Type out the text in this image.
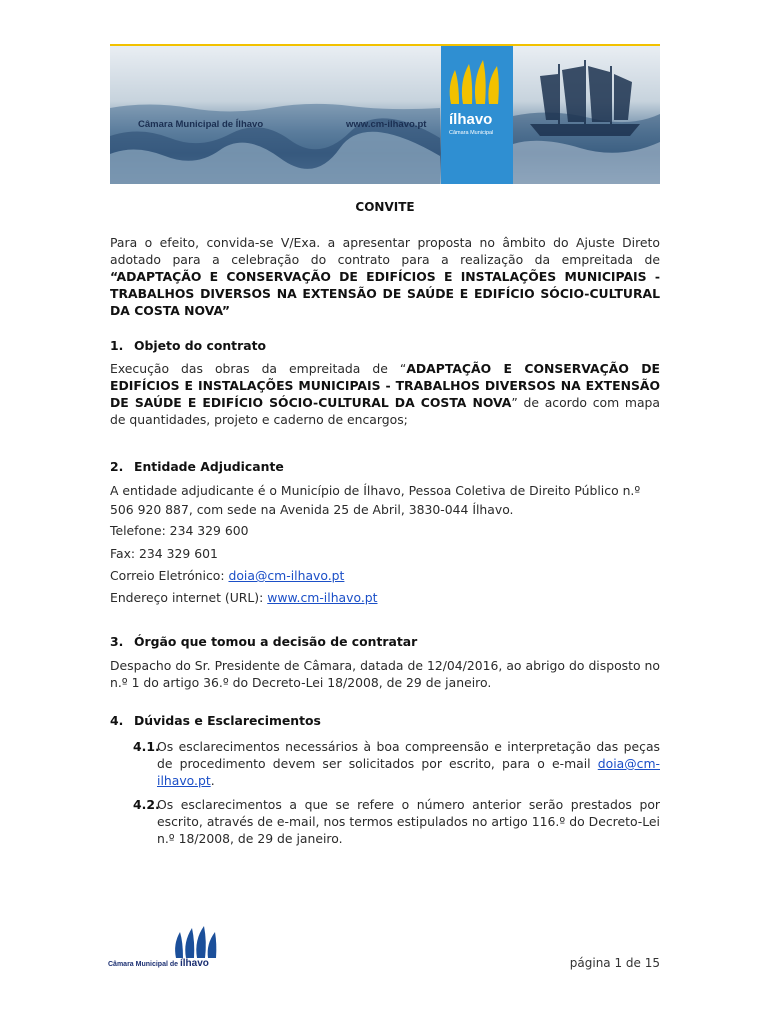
Câmara Municipal de Ílhavo	www.cm-ilhavo.pt ílhavo
Câmara Municipal
CONVITE
Para o efeito, convida-se V/Exa. a apresentar proposta no âmbito do Ajuste Direto adotado para a celebração do contrato para a realização da empreitada de “ADAPTAÇÃO E CONSERVAÇÃO DE EDIFÍCIOS E INSTALAÇÕES MUNICIPAIS - TRABALHOS DIVERSOS NA EXTENSÃO DE SAÚDE E EDIFÍCIO SÓCIO-CULTURAL DA COSTA NOVA”
1. Objeto do contrato
Execução das obras da empreitada de “ADAPTAÇÃO E CONSERVAÇÃO DE EDIFÍCIOS E INSTALAÇÕES MUNICIPAIS - TRABALHOS DIVERSOS NA EXTENSÃO DE SAÚDE E EDIFÍCIO SÓCIO-CULTURAL DA COSTA NOVA” de acordo com mapa de quantidades, projeto e caderno de encargos;
2. Entidade Adjudicante
A entidade adjudicante é o Município de Ílhavo, Pessoa Coletiva de Direito Público n.º 506 920 887, com sede na Avenida 25 de Abril, 3830-044 Ílhavo.
Telefone: 234 329 600
Fax: 234 329 601
Correio Eletrónico: doia@cm-ilhavo.pt
Endereço internet (URL): www.cm-ilhavo.pt
3. Órgão que tomou a decisão de contratar
Despacho do Sr. Presidente de Câmara, datada de 12/04/2016, ao abrigo do disposto no n.º 1 do artigo 36.º do Decreto-Lei 18/2008, de 29 de janeiro.
4. Dúvidas e Esclarecimentos
4.1.
Os esclarecimentos necessários à boa compreensão e interpretação das peças de procedimento devem ser solicitados por escrito, para o e-mail doia@cm-ilhavo.pt.
4.2.
Os esclarecimentos a que se refere o número anterior serão prestados por escrito, através de e-mail, nos termos estipulados no artigo 116.º do Decreto-Lei n.º 18/2008, de 29 de janeiro.
Câmara Municipal de ílhavo	página 1 de 15
